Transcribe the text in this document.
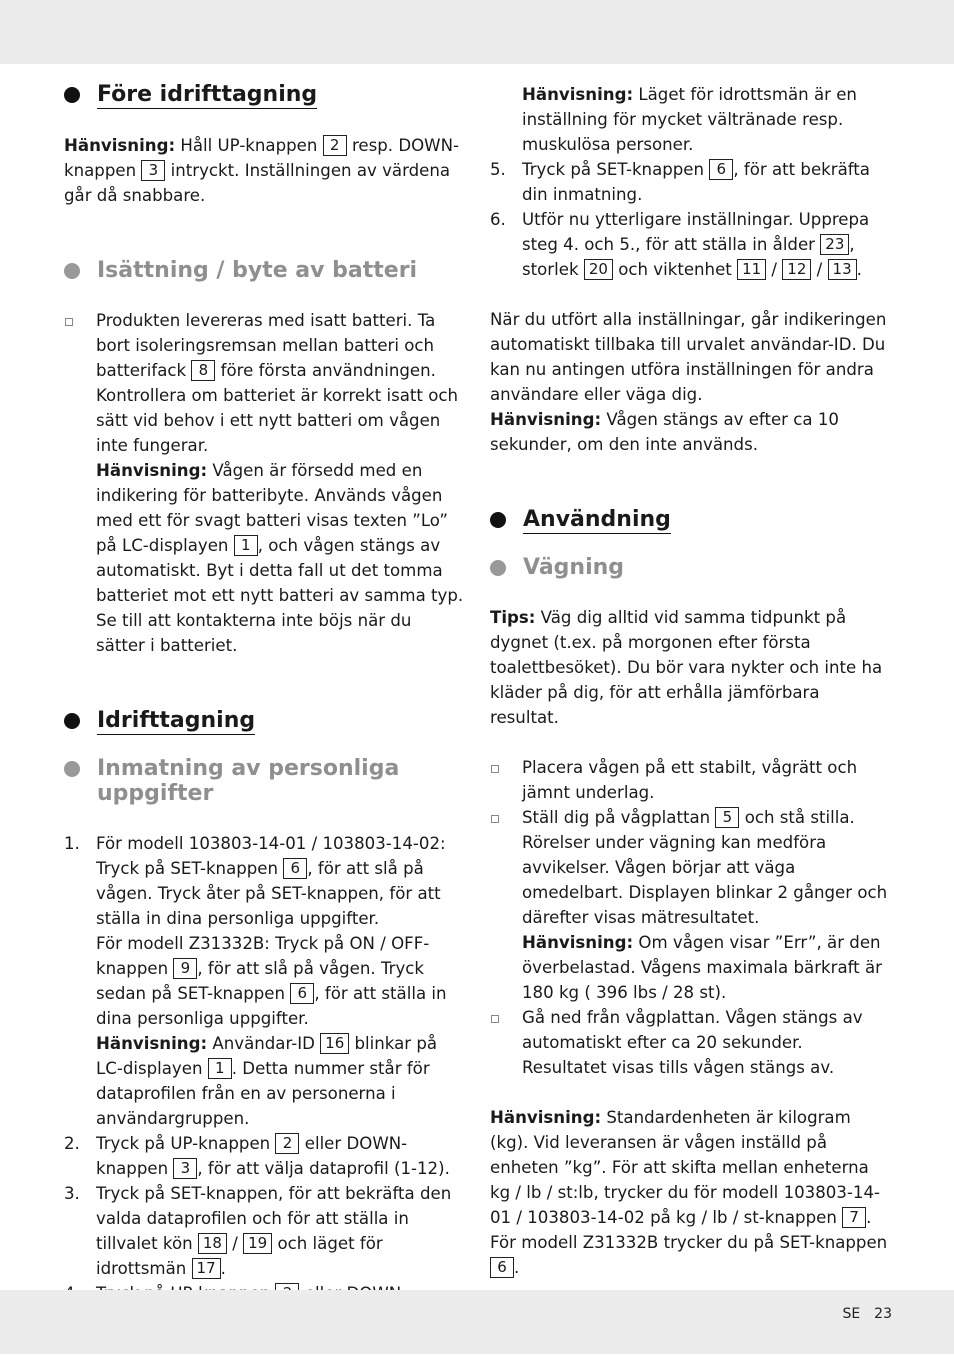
Före idrifttagning

Hänvisning: Håll UP-knappen 2 resp. DOWN-knappen 3 intryckt. Inställningen av värdena går då snabbare.

Isättning / byte av batteri

Produkten levereras med isatt batteri. Ta bort isoleringsremsan mellan batteri och batterifack 8 före första användningen.

Kontrollera om batteriet är korrekt isatt och sätt vid behov i ett nytt batteri om vågen inte fungerar.

Hänvisning: Vågen är försedd med en indikering för batteribyte. Används vågen med ett för svagt batteri visas texten ”Lo” på LC-displayen 1 , och vågen stängs av automatiskt. Byt i detta fall ut det tomma batteriet mot ett nytt batteri av samma typ. Se till att kontakterna inte böjs när du sätter i batteriet.

Idrifttagning
Inmatning av personliga uppgifter
1. För modell 103803-14-01 / 103803-14-02: Tryck på SET-knappen 6 , för att slå på vågen. Tryck åter på SET-knappen, för att ställa in dina personliga uppgifter.

För modell Z31332B: Tryck på ON / OFF-knappen 9 , för att slå på vågen. Tryck sedan på SET-knappen 6 , för att ställa in dina personliga uppgifter.

Hänvisning: Användar-ID 16 blinkar på LC-displayen 1 . Detta nummer står för dataprofilen från en av personerna i användargruppen.

2. Tryck på UP-knappen 2 eller DOWN-knappen 3 , för att välja dataprofil (1-12).

3. Tryck på SET-knappen, för att bekräfta den valda dataprofilen och för att ställa in tillvalet kön 18 / 19 och läget för idrottsmän 17 .

Hänvisning: Läget för idrottsmän är en inställning för mycket vältränade resp. muskulösa personer.

5. Tryck på SET-knappen 6 , för att bekräfta din inmatning.

6. Utför nu ytterligare inställningar. Upprepa steg 4. och 5., för att ställa in ålder 23 , storlek 20 och viktenhet 11 / 12 / 13 .

När du utfört alla inställningar, går indikeringen automatiskt tillbaka till urvalet användar-ID. Du kan nu antingen utföra inställningen för andra användare eller väga dig.

Hänvisning: Vågen stängs av efter ca 10 sekunder, om den inte används.

Användning
Vägning

Tips: Väg dig alltid vid samma tidpunkt på dygnet (t.ex. på morgonen efter första toalettbesöket). Du bör vara nykter och inte ha kläder på dig, för att erhålla jämförbara resultat.

Placera vågen på ett stabilt, vågrätt och jämnt underlag.

Ställ dig på vågplattan 5 och stå stilla. Rörelser under vägning kan medföra avvikelser. Vågen börjar att väga omedelbart. Displayen blinkar 2 gånger och därefter visas mätresultatet.

Hänvisning: Om vågen visar ”Err”, är den överbelastad. Vågens maximala bärkraft är 180 kg ( 396 lbs / 28 st).

Gå ned från vågplattan. Vågen stängs av automatiskt efter ca 20 sekunder. Resultatet visas tills vågen stängs av.

Hänvisning: Standardenheten är kilogram (kg). Vid leveransen är vågen inställd på enheten ”kg”. För att skifta mellan enheterna kg / lb / st:lb, trycker du för modell 103803-14-01 / 103803-14-02 på kg / lb / st-knappen 7 . För modell Z31332B trycker du på SET-knappen 6 .

SE 23
